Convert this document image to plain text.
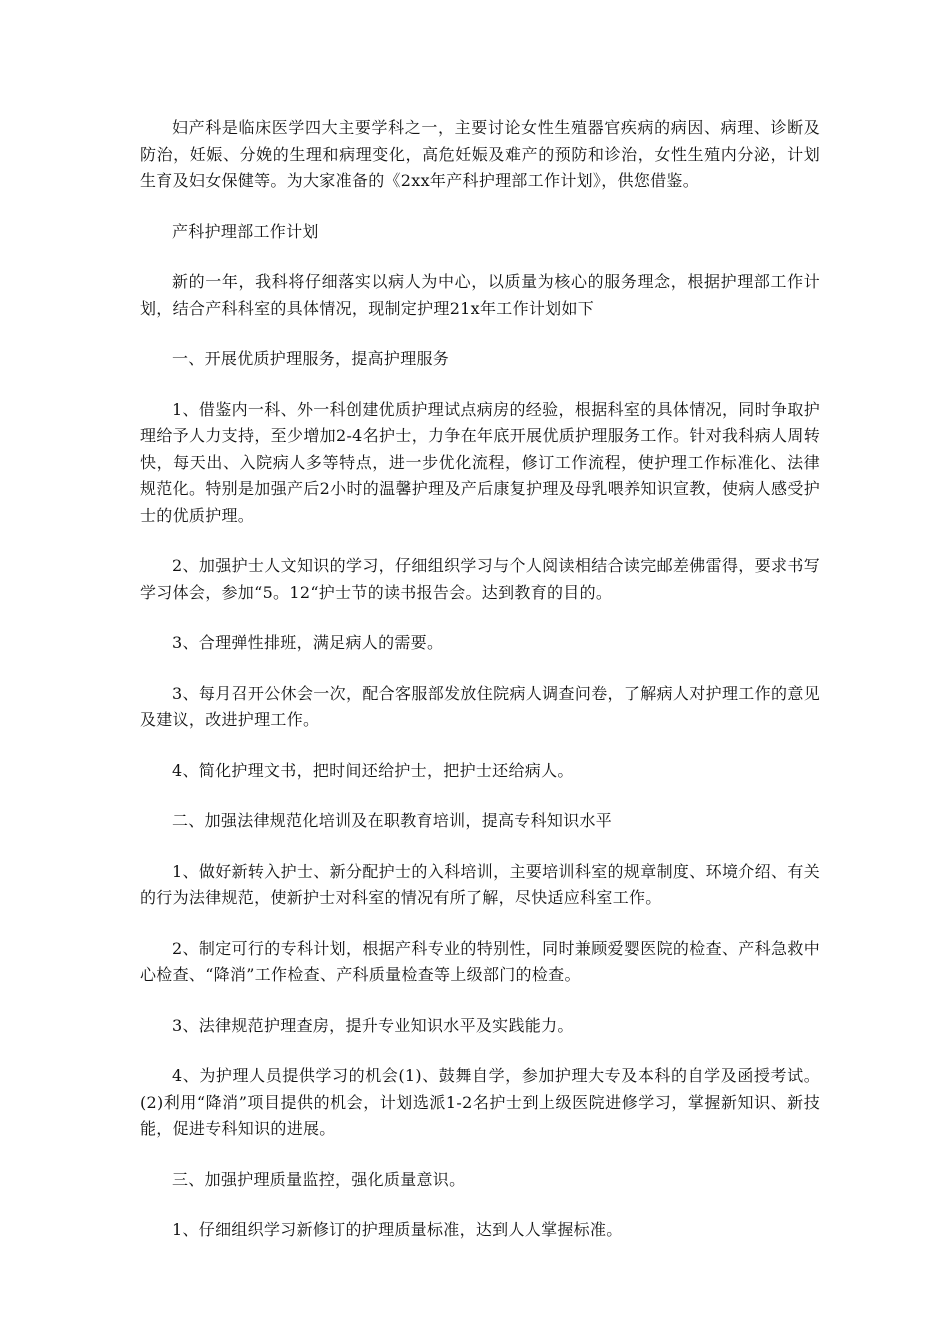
妇产科是临床医学四大主要学科之一，主要讨论女性生殖器官疾病的病因、病理、诊断及防治，妊娠、分娩的生理和病理变化，高危妊娠及难产的预防和诊治，女性生殖内分泌，计划生育及妇女保健等。为大家准备的《2xx年产科护理部工作计划》，供您借鉴。

产科护理部工作计划

新的一年，我科将仔细落实以病人为中心，以质量为核心的服务理念，根据护理部工作计划，结合产科科室的具体情况，现制定护理21x年工作计划如下

一、开展优质护理服务，提高护理服务

1、借鉴内一科、外一科创建优质护理试点病房的经验，根据科室的具体情况，同时争取护理给予人力支持，至少增加2-4名护士，力争在年底开展优质护理服务工作。针对我科病人周转快，每天出、入院病人多等特点，进一步优化流程，修订工作流程，使护理工作标准化、法律规范化。特别是加强产后2小时的温馨护理及产后康复护理及母乳喂养知识宣教，使病人感受护士的优质护理。

2、加强护士人文知识的学习，仔细组织学习与个人阅读相结合读完邮差佛雷得，要求书写学习体会，参加“5。12“护士节的读书报告会。达到教育的目的。

3、合理弹性排班，满足病人的需要。

3、每月召开公休会一次，配合客服部发放住院病人调查问卷，了解病人对护理工作的意见及建议，改进护理工作。

4、简化护理文书，把时间还给护士，把护士还给病人。

二、加强法律规范化培训及在职教育培训，提高专科知识水平

1、做好新转入护士、新分配护士的入科培训，主要培训科室的规章制度、环境介绍、有关的行为法律规范，使新护士对科室的情况有所了解，尽快适应科室工作。

2、制定可行的专科计划，根据产科专业的特别性，同时兼顾爱婴医院的检查、产科急救中心检查、“降消”工作检查、产科质量检查等上级部门的检查。

3、法律规范护理查房，提升专业知识水平及实践能力。

4、为护理人员提供学习的机会(1)、鼓舞自学，参加护理大专及本科的自学及函授考试。(2)利用“降消”项目提供的机会，计划选派1-2名护士到上级医院进修学习，掌握新知识、新技能，促进专科知识的进展。

三、加强护理质量监控，强化质量意识。

1、仔细组织学习新修订的护理质量标准，达到人人掌握标准。
